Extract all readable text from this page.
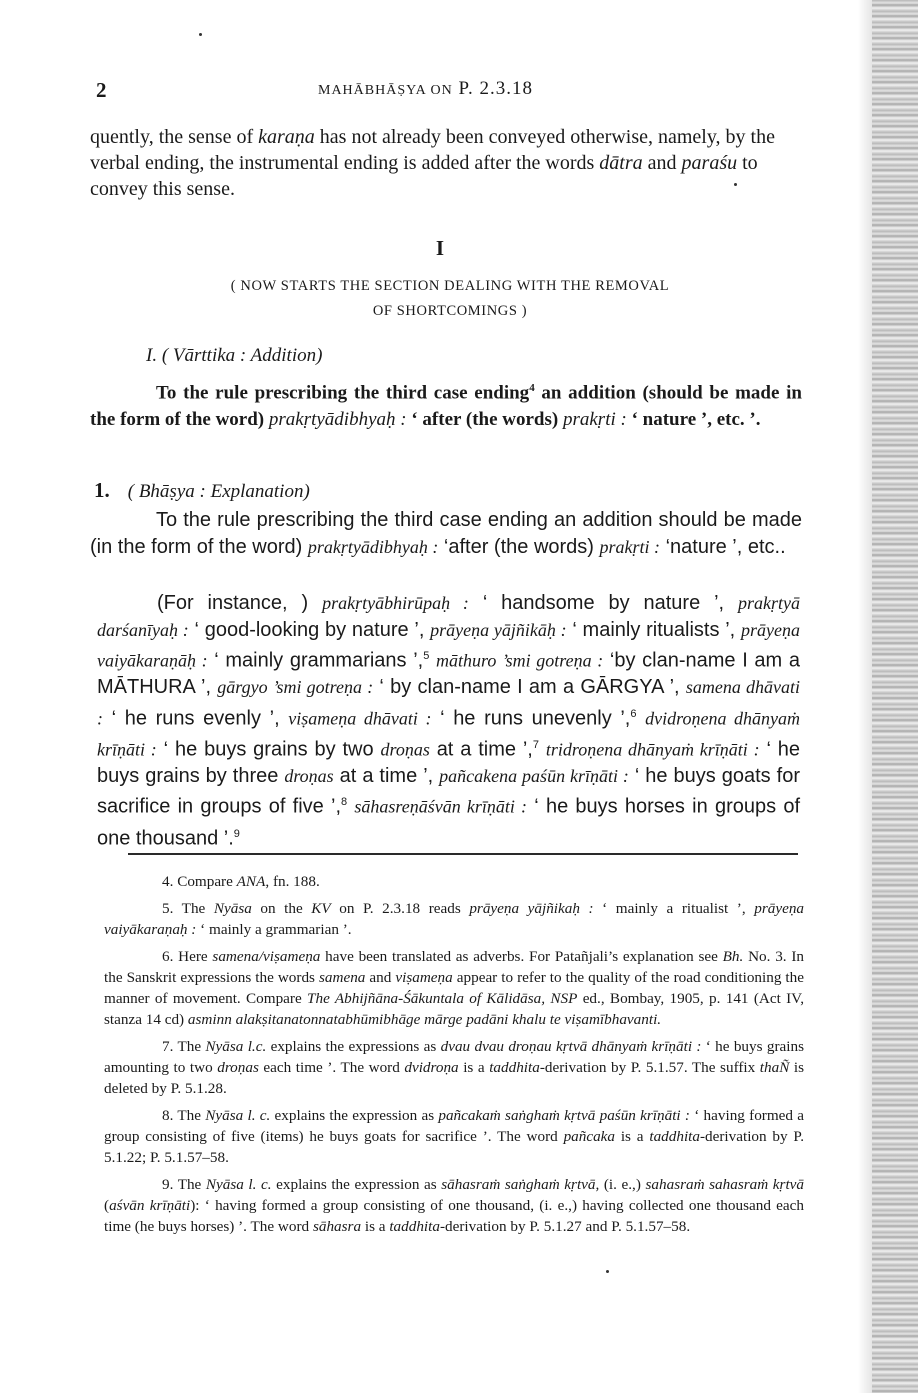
2	MAHĀBHĀṢYA ON P. 2.3.18

quently, the sense of karaṇa has not already been conveyed otherwise, namely, by the verbal ending, the instrumental ending is added after the words dātra and paraśu to convey this sense.

I
( NOW STARTS THE SECTION DEALING WITH THE REMOVAL
OF SHORTCOMINGS )
I. ( Vārttika : Addition)

To the rule prescribing the third case ending$^4$ an addition (should be made in the form of the word) prakṛtyādibhyaḥ : ‘ after (the words) prakṛti : ‘ nature ’, etc. ’.

1. ( Bhāṣya : Explanation)

To the rule prescribing the third case ending an addition should be made (in the form of the word) prakṛtyādibhyaḥ : ‘after (the words) prakṛti : ‘nature ’, etc..

(For instance, ) prakṛtyābhirūpaḥ : ‘ handsome by nature ’, prakṛtyā darśanīyaḥ : ‘ good-looking by nature ’, prāyeṇa yājñikāḥ : ‘ mainly ritualists ’, prāyeṇa vaiyākaraṇāḥ : ‘ mainly grammarians ’,$^5$ māthuro ’smi gotreṇa : ‘by clan-name I am a MĀTHURA ’, gārgyo ’smi gotreṇa : ‘ by clan-name I am a GĀRGYA ’, samena dhāvati : ‘ he runs evenly ’, viṣameṇa dhāvati : ‘ he runs unevenly ’,$^6$ dvidroṇena dhānyaṁ krīṇāti : ‘ he buys grains by two droṇas at a time ’,$^7$ tridroṇena dhānyaṁ krīṇāti : ‘ he buys grains by three droṇas at a time ’, pañcakena paśūn krīṇāti : ‘ he buys goats for sacrifice in groups of five ’,$^8$ sāhasreṇāśvān krīṇāti : ‘ he buys horses in groups of one thousand ’.$^9$

4. Compare ANA, fn. 188.

5. The Nyāsa on the KV on P. 2.3.18 reads prāyeṇa yājñikaḥ : ‘ mainly a ritualist ’, prāyeṇa vaiyākaraṇaḥ : ‘ mainly a grammarian ’.

6. Here samena/viṣameṇa have been translated as adverbs. For Patañjali’s explanation see Bh. No. 3. In the Sanskrit expressions the words samena and viṣameṇa appear to refer to the quality of the road conditioning the manner of movement. Compare The Abhijñāna-Śākuntala of Kālidāsa, NSP ed., Bombay, 1905, p. 141 (Act IV, stanza 14 cd) asminn alakṣitanatonnatabhūmibhāge mārge padāni khalu te viṣamībhavanti.

7. The Nyāsa l.c. explains the expressions as dvau dvau droṇau kṛtvā dhānyaṁ krīṇāti : ‘ he buys grains amounting to two droṇas each time ’. The word dvidroṇa is a taddhita-derivation by P. 5.1.57. The suffix thaÑ is deleted by P. 5.1.28.

8. The Nyāsa l. c. explains the expression as pañcakaṁ saṅghaṁ kṛtvā paśūn krīṇāti : ‘ having formed a group consisting of five (items) he buys goats for sacrifice ’. The word pañcaka is a taddhita-derivation by P. 5.1.22; P. 5.1.57–58.

9. The Nyāsa l. c. explains the expression as sāhasraṁ saṅghaṁ kṛtvā, (i. e.,) sahasraṁ sahasraṁ kṛtvā (aśvān krīṇāti): ‘ having formed a group consisting of one thousand, (i. e.,) having collected one thousand each time (he buys horses) ’. The word sāhasra is a taddhita-derivation by P. 5.1.27 and P. 5.1.57–58.
